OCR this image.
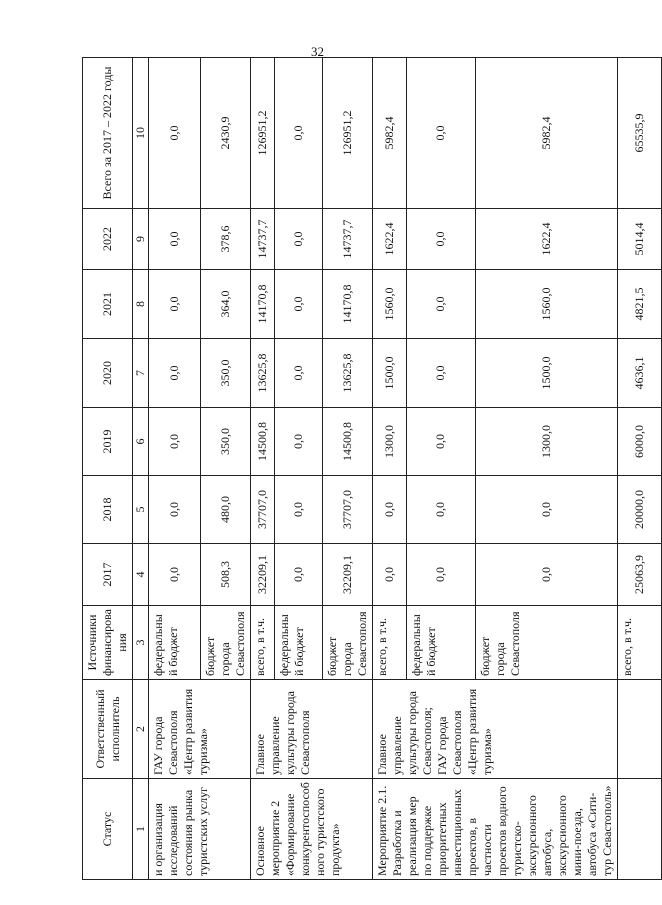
32
Статус	Ответственный исполнитель	Источники финансирования	2017	2018	2019	2020	2021	2022	Всего за 2017 – 2022 годы
1	2	3	4	5	6	7	8	9	10
и организация исследований состояния рынка туристских услуг	ГАУ города Севастополя «Центр развития туризма»	федеральный бюджет	0,0	0,0	0,0	0,0	0,0	0,0	0,0
		бюджет города Севастополя	508,3	480,0	350,0	350,0	364,0	378,6	2430,9
Основное мероприятие 2 «Формирование конкурентоспособного туристского продукта»	Главное управление культуры города Севастополя	всего, в т.ч.	32209,1	37707,0	14500,8	13625,8	14170,8	14737,7	126951,2
		федеральный бюджет	0,0	0,0	0,0	0,0	0,0	0,0	0,0
		бюджет города Севастополя	32209,1	37707,0	14500,8	13625,8	14170,8	14737,7	126951,2
Мероприятие 2.1. Разработка и реализация мер по поддержке приоритетных инвестиционных проектов, в частности проектов водного туристско-экскурсионного автобуса, экскурсионного мини-поезда, автобуса «Сити-тур Севастополь»	Главное управление культуры города Севастополя; ГАУ города Севастополя «Центр развития туризма»	всего, в т.ч.	0,0	0,0	1300,0	1500,0	1560,0	1622,4	5982,4
		федеральный бюджет	0,0	0,0	0,0	0,0	0,0	0,0	0,0
		бюджет города Севастополя	0,0	0,0	1300,0	1500,0	1560,0	1622,4	5982,4
		всего, в т.ч.	25063,9	20000,0	6000,0	4636,1	4821,5	5014,4	65535,9
